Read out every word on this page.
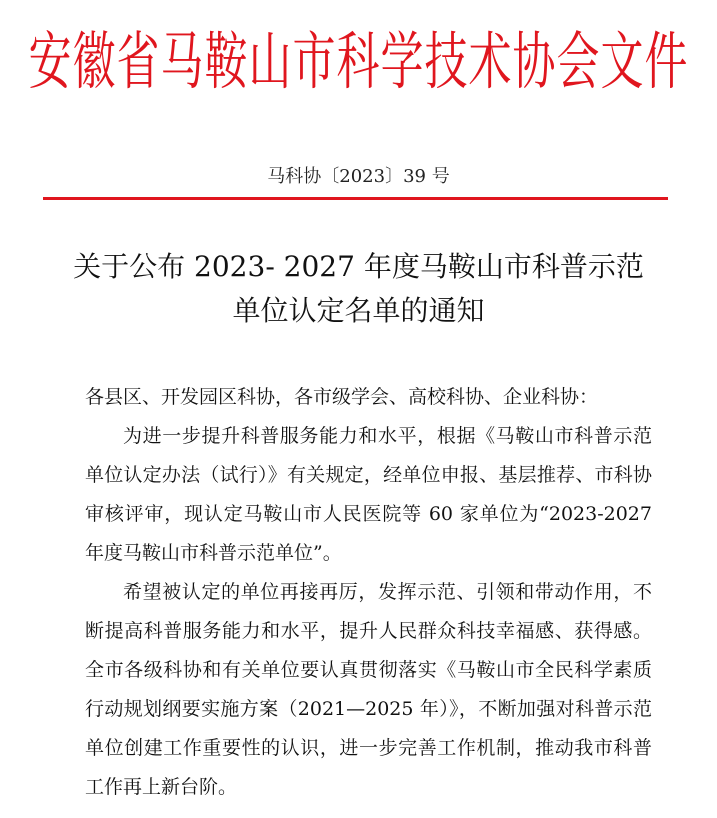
安徽省马鞍山市科学技术协会文件
马科协〔2023〕39 号
关于公布 2023- 2027 年度马鞍山市科普示范
单位认定名单的通知

各县区、开发园区科协，各市级学会、高校科协、企业科协：

为进一步提升科普服务能力和水平，根据《马鞍山市科普示范单位认定办法（试行）》有关规定，经单位申报、基层推荐、市科协审核评审，现认定马鞍山市人民医院等 60 家单位为“2023-2027 年度马鞍山市科普示范单位”。

希望被认定的单位再接再厉，发挥示范、引领和带动作用，不断提高科普服务能力和水平，提升人民群众科技幸福感、获得感。全市各级科协和有关单位要认真贯彻落实《马鞍山市全民科学素质行动规划纲要实施方案（2021—2025 年）》，不断加强对科普示范单位创建工作重要性的认识，进一步完善工作机制，推动我市科普工作再上新台阶。
